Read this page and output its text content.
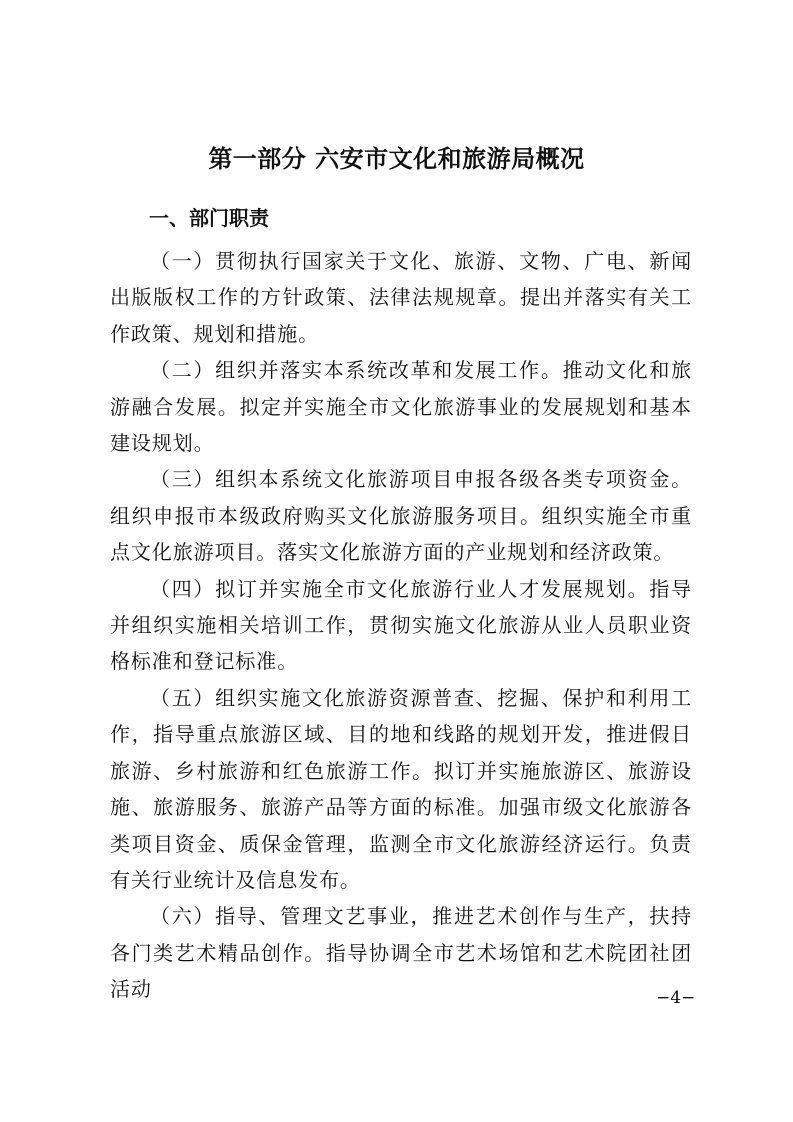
第一部分 六安市文化和旅游局概况
一、部门职责

（一）贯彻执行国家关于文化、旅游、文物、广电、新闻出版版权工作的方针政策、法律法规规章。提出并落实有关工作政策、规划和措施。

（二）组织并落实本系统改革和发展工作。推动文化和旅游融合发展。拟定并实施全市文化旅游事业的发展规划和基本建设规划。

（三）组织本系统文化旅游项目申报各级各类专项资金。组织申报市本级政府购买文化旅游服务项目。组织实施全市重点文化旅游项目。落实文化旅游方面的产业规划和经济政策。

（四）拟订并实施全市文化旅游行业人才发展规划。指导并组织实施相关培训工作，贯彻实施文化旅游从业人员职业资格标准和登记标准。

（五）组织实施文化旅游资源普查、挖掘、保护和利用工作，指导重点旅游区域、目的地和线路的规划开发，推进假日旅游、乡村旅游和红色旅游工作。拟订并实施旅游区、旅游设施、旅游服务、旅游产品等方面的标准。加强市级文化旅游各类项目资金、质保金管理，监测全市文化旅游经济运行。负责有关行业统计及信息发布。

（六）指导、管理文艺事业，推进艺术创作与生产，扶持各门类艺术精品创作。指导协调全市艺术场馆和艺术院团社团活动	−4−
